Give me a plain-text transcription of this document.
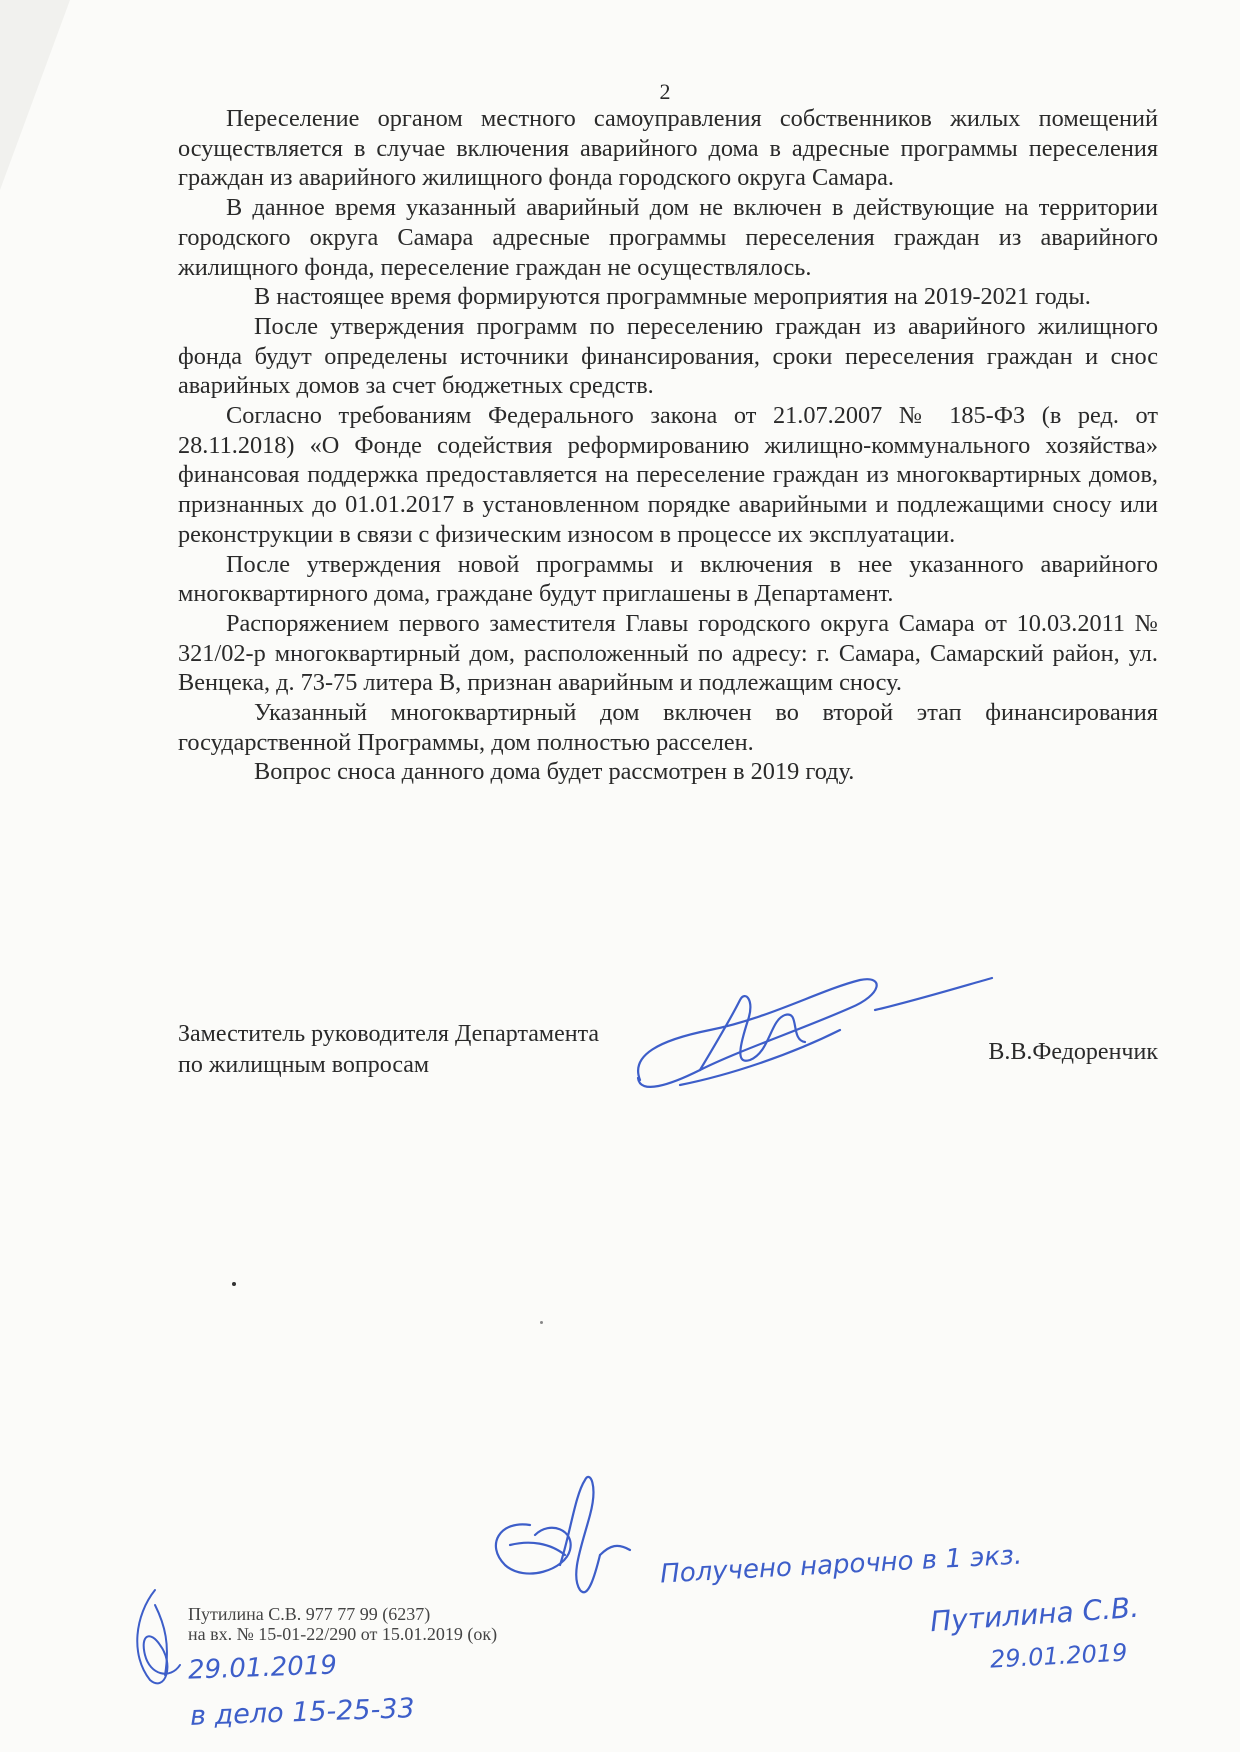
2

Переселение органом местного самоуправления собственников жилых помещений осуществляется в случае включения аварийного дома в адресные программы переселения граждан из аварийного жилищного фонда городского округа Самара.

В данное время указанный аварийный дом не включен в действующие на территории городского округа Самара адресные программы переселения граждан из аварийного жилищного фонда, переселение граждан не осуществлялось.

В настоящее время формируются программные мероприятия на 2019-2021 годы.

После утверждения программ по переселению граждан из аварийного жилищного фонда будут определены источники финансирования, сроки переселения граждан и снос аварийных домов за счет бюджетных средств.

Согласно требованиям Федерального закона от 21.07.2007 № 185-ФЗ (в ред. от 28.11.2018) «О Фонде содействия реформированию жилищно-коммунального хозяйства» финансовая поддержка предоставляется на переселение граждан из многоквартирных домов, признанных до 01.01.2017 в установленном порядке аварийными и подлежащими сносу или реконструкции в связи с физическим износом в процессе их эксплуатации.

После утверждения новой программы и включения в нее указанного аварийного многоквартирного дома, граждане будут приглашены в Департамент.

Распоряжением первого заместителя Главы городского округа Самара от 10.03.2011 № 321/02-р многоквартирный дом, расположенный по адресу: г. Самара, Самарский район, ул. Венцека, д. 73-75 литера В, признан аварийным и подлежащим сносу.

Указанный многоквартирный дом включен во второй этап финансирования государственной Программы, дом полностью расселен.

Вопрос сноса данного дома будет рассмотрен в 2019 году.

Заместитель руководителя Департамента
по жилищным вопросам	В.В.Федоренчик
Путилина С.В. 977 77 99 (6237)
на вх. № 15-01-22/290 от 15.01.2019 (ок)
Получено нарочно в 1 экз.
Путилина С.В.
29.01.2019
29.01.2019
в дело 15-25-33
